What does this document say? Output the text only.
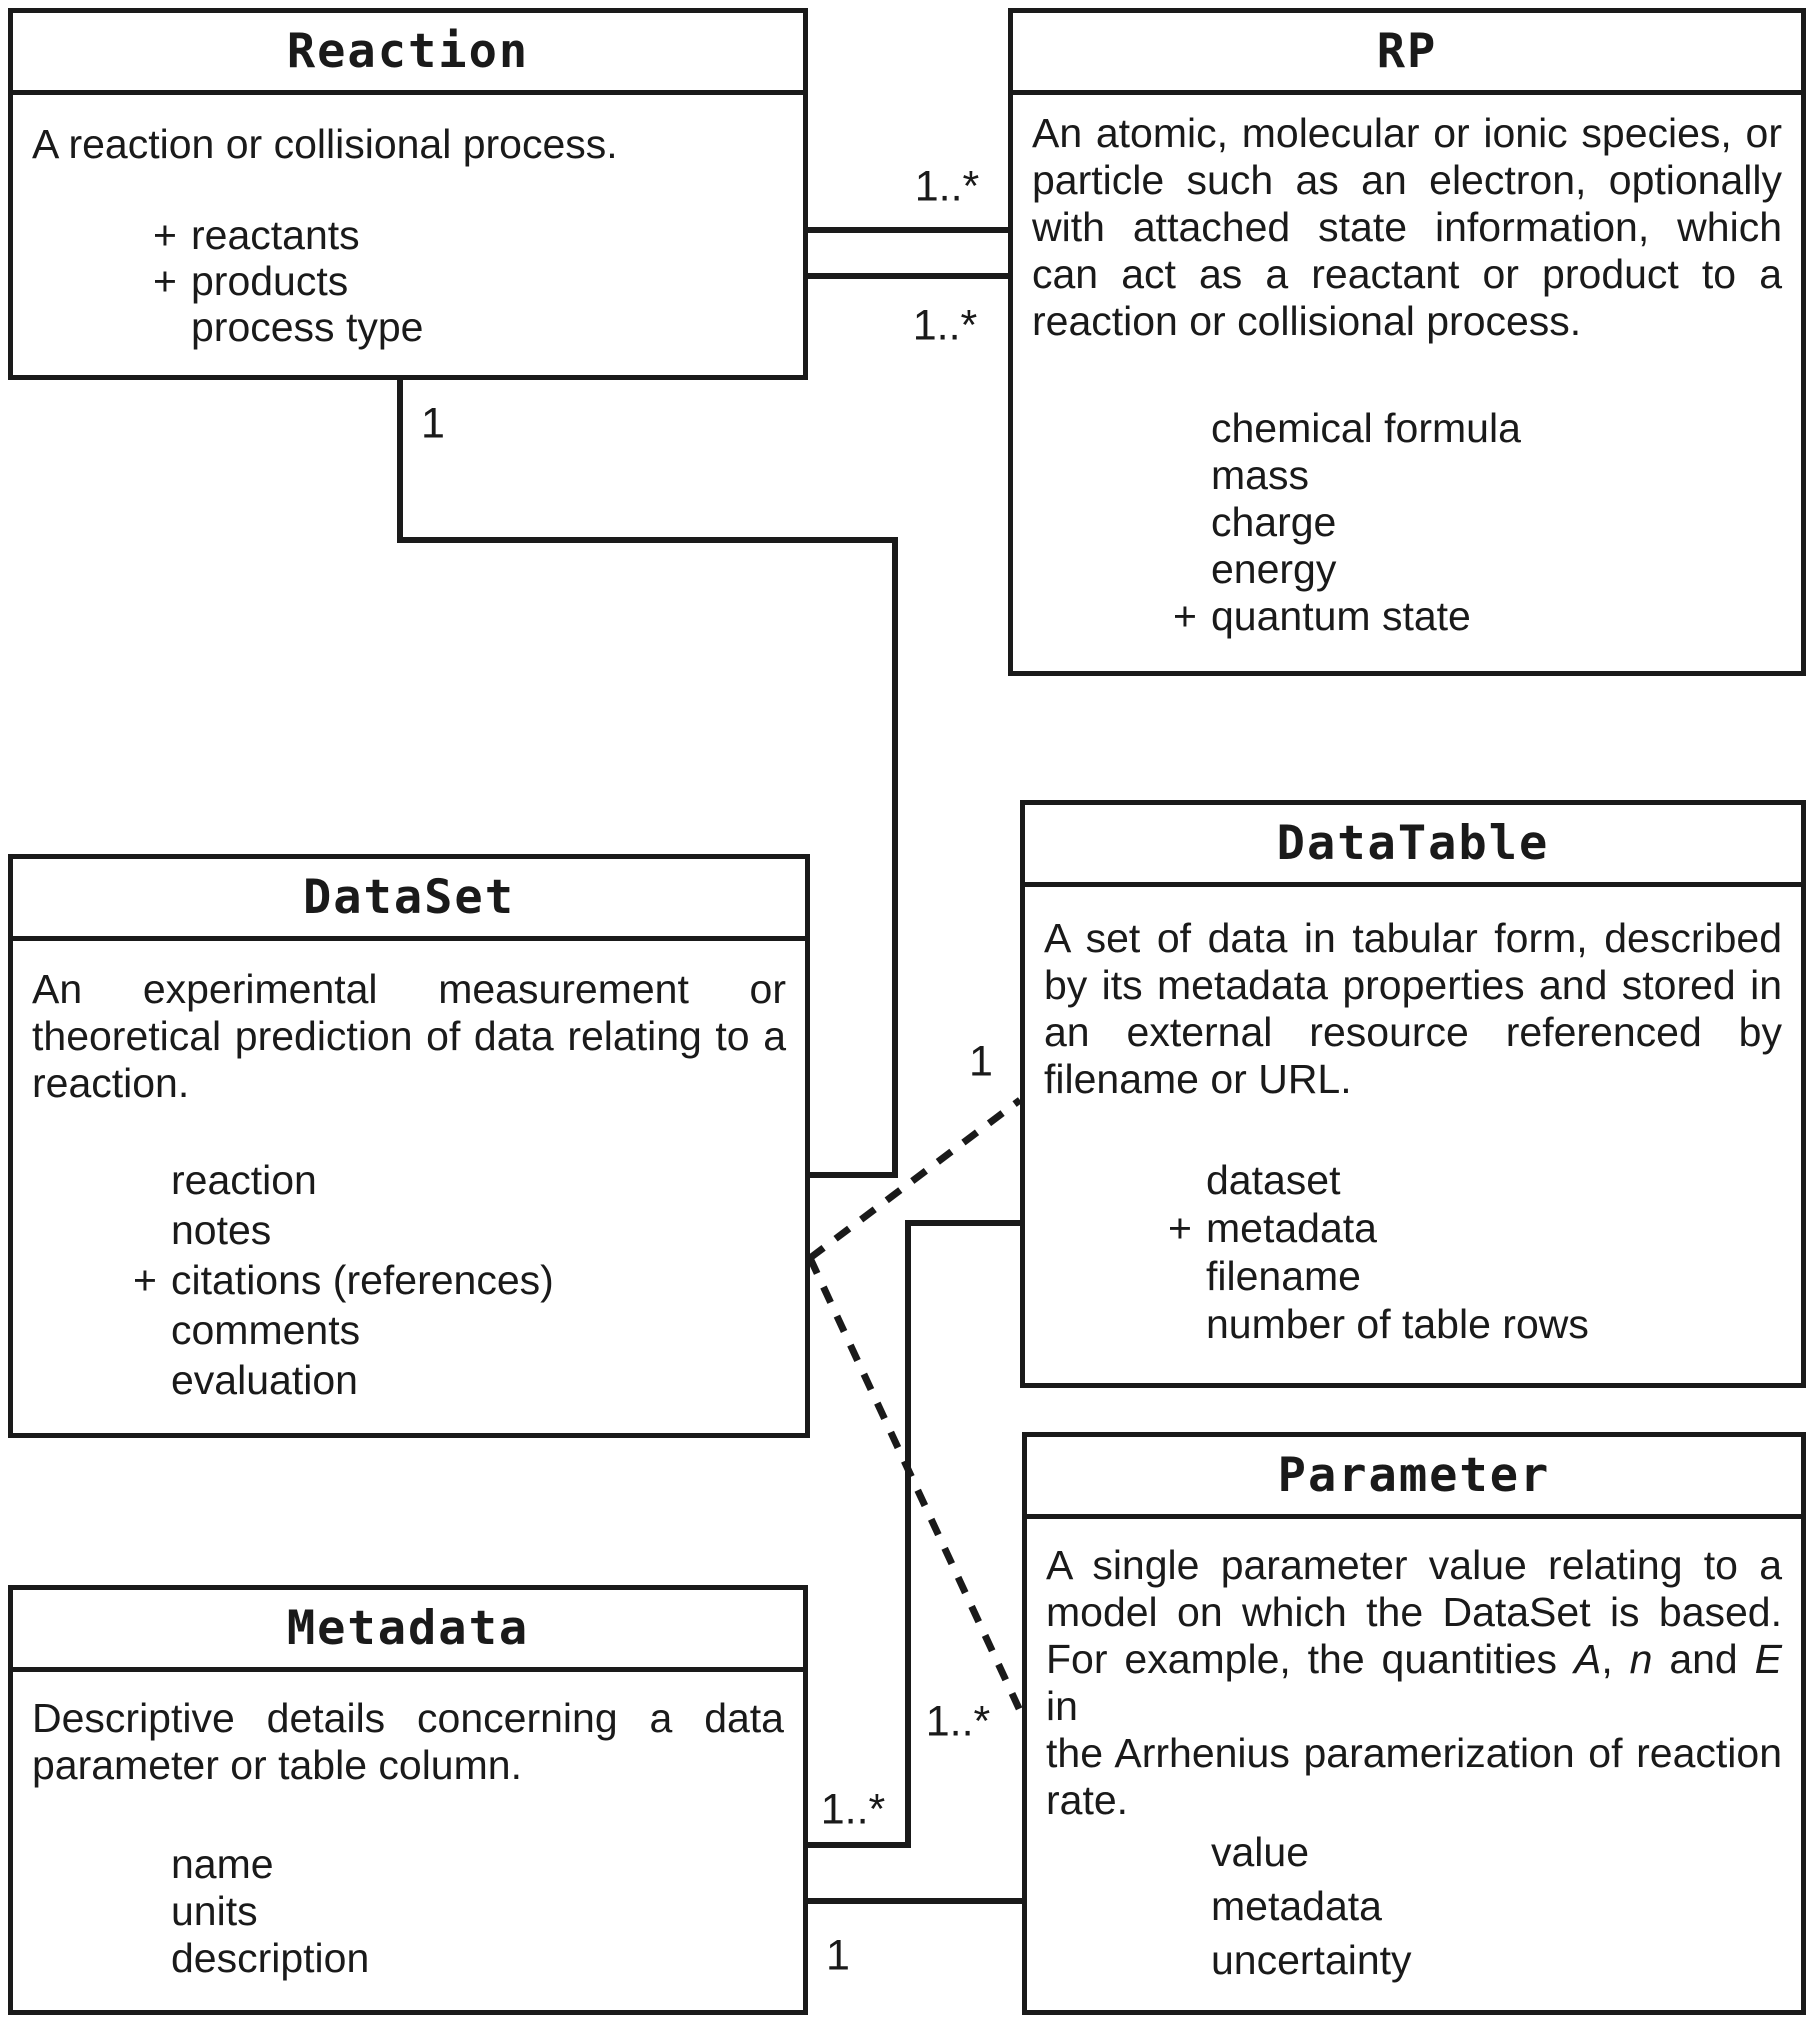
Reaction
A reaction or collisional process.
+ reactants
+ products
process type
RP
An atomic, molecular or ionic species, or
particle such as an electron, optionally
with attached state information, which
can act as a reactant or product to a
reaction or collisional process.
chemical formula
mass
charge
energy
+ quantum state
DataSet
An experimental measurement or
theoretical prediction of data relating to a
reaction.
reaction
notes
+ citations (references)
comments
evaluation
DataTable
A set of data in tabular form, described
by its metadata properties and stored in
an external resource referenced by
filename or URL.
dataset
+ metadata
filename
number of table rows
Metadata
Descriptive details concerning a data
parameter or table column.
name
units
description
Parameter
A single parameter value relating to a
model on which the DataSet is based.
For example, the quantities A, n and E in
the Arrhenius paramerization of reaction
rate.
value
metadata
uncertainty
1..*
1..*
1
1
1..*
1..*
1
